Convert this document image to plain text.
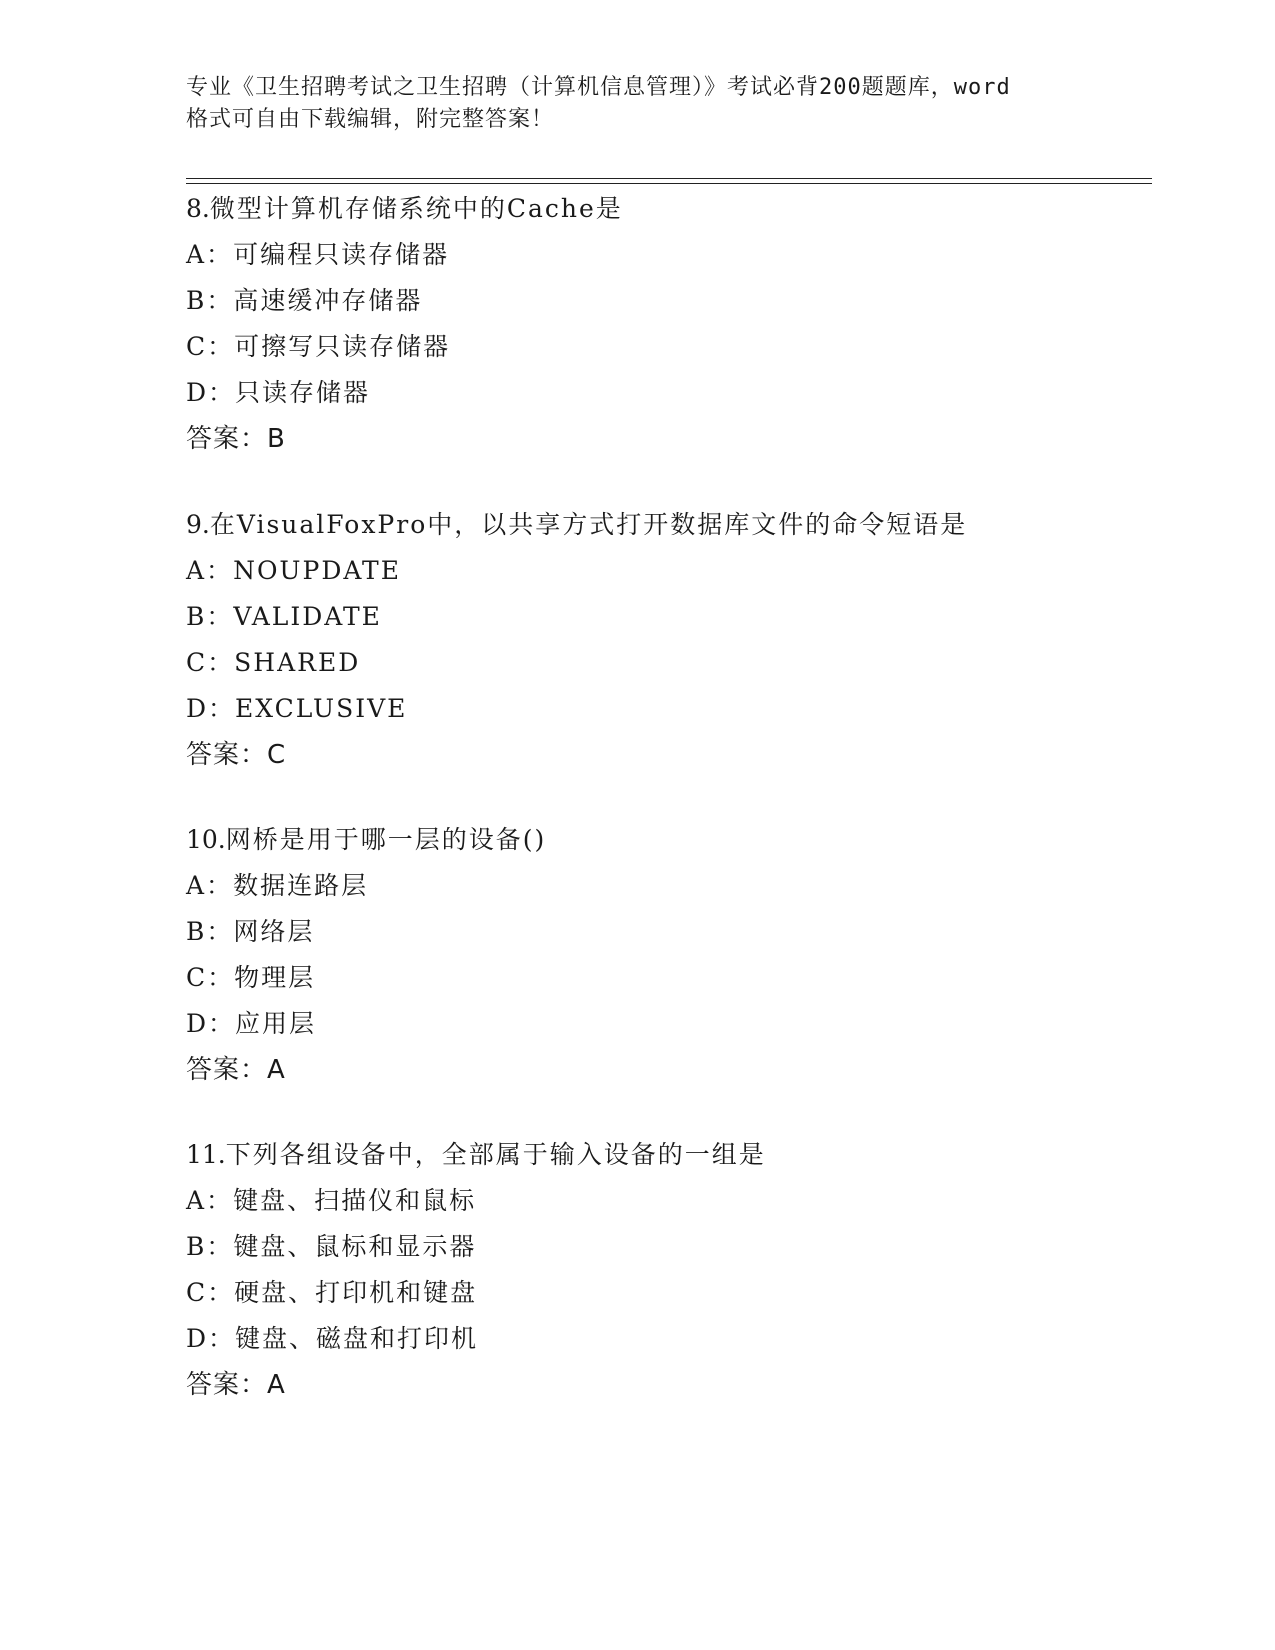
专业《卫生招聘考试之卫生招聘（计算机信息管理）》考试必背200题题库，word

格式可自由下载编辑，附完整答案！

8.微型计算机存储系统中的Cache是
A：可编程只读存储器
B：高速缓冲存储器
C：可擦写只读存储器
D：只读存储器
答案：B
9.在VisualFoxPro中，以共享方式打开数据库文件的命令短语是
A：NOUPDATE
B：VALIDATE
C：SHARED
D：EXCLUSIVE
答案：C
10.网桥是用于哪一层的设备()
A：数据连路层
B：网络层
C：物理层
D：应用层
答案：A
11.下列各组设备中，全部属于输入设备的一组是
A：键盘、扫描仪和鼠标
B：键盘、鼠标和显示器
C：硬盘、打印机和键盘
D：键盘、磁盘和打印机
答案：A
